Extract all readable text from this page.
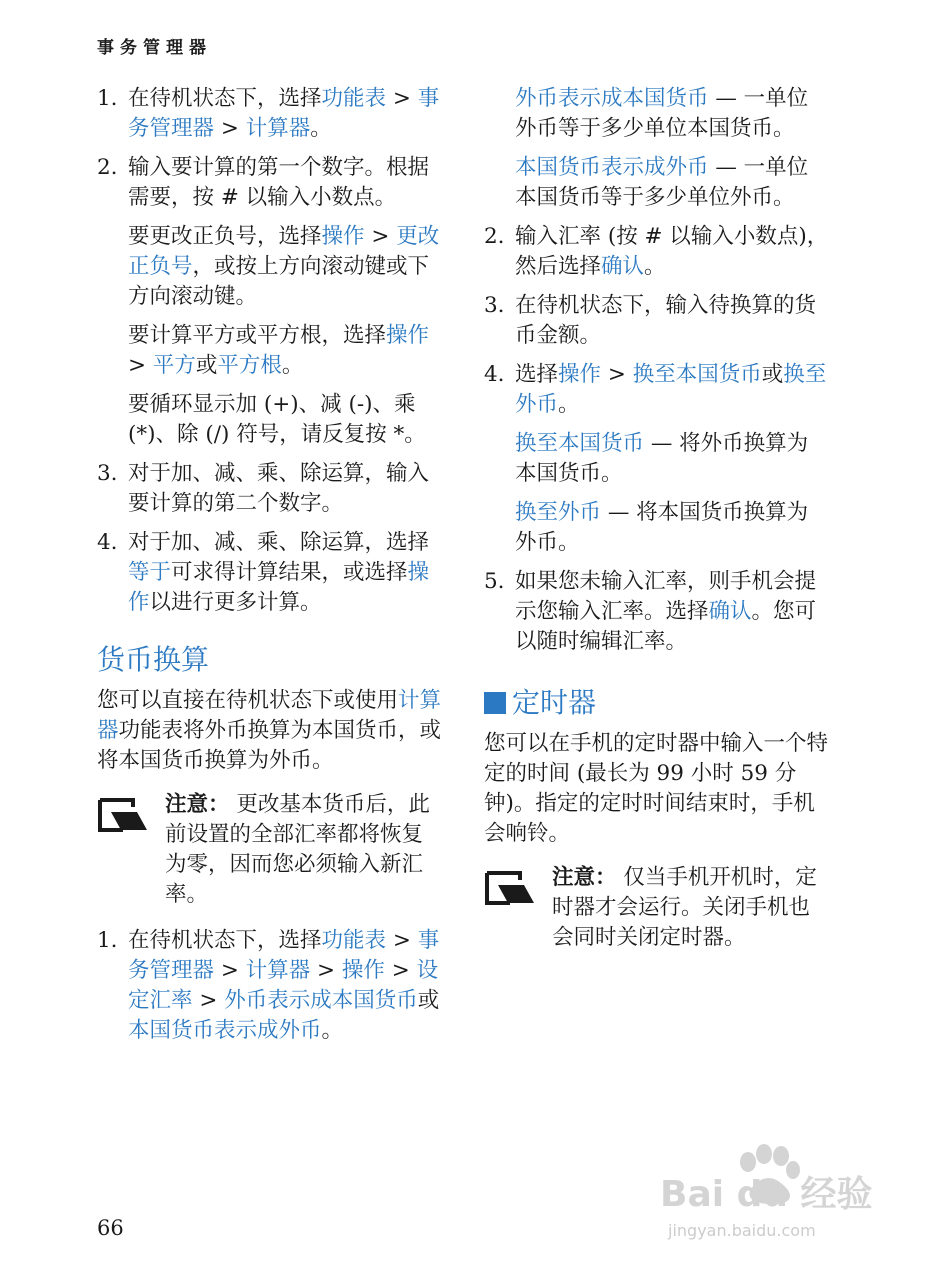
事务管理器
1. 在待机状态下，选择功能表 > 事务管理器 > 计算器。
2. 输入要计算的第一个数字。根据需要，按 # 以输入小数点。
要更改正负号，选择操作 > 更改正负号，或按上方向滚动键或下方向滚动键。
要计算平方或平方根，选择操作 > 平方或平方根。
要循环显示加 (+)、减 (-)、乘 (*)、除 (/) 符号，请反复按 *。
3. 对于加、减、乘、除运算，输入要计算的第二个数字。
4. 对于加、减、乘、除运算，选择等于可求得计算结果，或选择操作以进行更多计算。
货币换算
您可以直接在待机状态下或使用计算器功能表将外币换算为本国货币，或将本国货币换算为外币。
注意： 更改基本货币后，此前设置的全部汇率都将恢复为零，因而您必须输入新汇率。
1. 在待机状态下，选择功能表 > 事务管理器 > 计算器 > 操作 > 设定汇率 > 外币表示成本国货币或本国货币表示成外币。
外币表示成本国货币 — 一单位外币等于多少单位本国货币。
本国货币表示成外币 — 一单位本国货币等于多少单位外币。
2. 输入汇率 (按 # 以输入小数点)，然后选择确认。
3. 在待机状态下，输入待换算的货币金额。
4. 选择操作 > 换至本国货币或换至外币。
换至本国货币 — 将外币换算为本国货币。
换至外币 — 将本国货币换算为外币。
5. 如果您未输入汇率，则手机会提示您输入汇率。选择确认。您可以随时编辑汇率。
定时器
您可以在手机的定时器中输入一个特定的时间 (最长为 99 小时 59 分钟)。指定的定时时间结束时，手机会响铃。
注意： 仅当手机开机时，定时器才会运行。关闭手机也会同时关闭定时器。
66
Bai du 经验
jingyan.baidu.com
